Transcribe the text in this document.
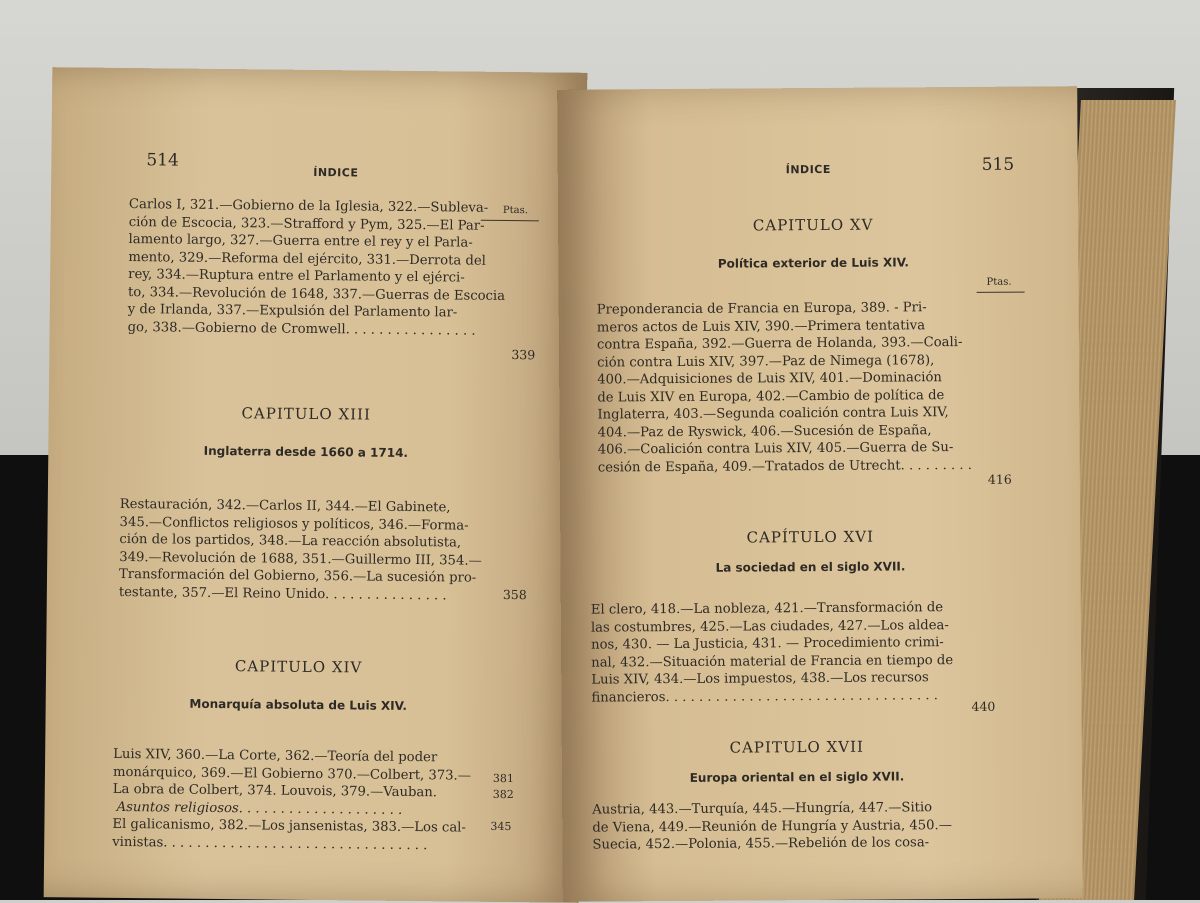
514
ÍNDICE
Ptas.
Carlos I, 321.—Gobierno de la Iglesia, 322.—Subleva-
ción de Escocia, 323.—Strafford y Pym, 325.—El Par-
lamento largo, 327.—Guerra entre el rey y el Parla-
mento, 329.—Reforma del ejército, 331.—Derrota del
rey, 334.—Ruptura entre el Parlamento y el ejérci-
to, 334.—Revolución de 1648, 337.—Guerras de Escocia
y de Irlanda, 337.—Expulsión del Parlamento lar-
go, 338.—Gobierno de Cromwell. . . . . . . . . . . . . . . .
339
CAPITULO XIII
Inglaterra desde 1660 a 1714.
Restauración, 342.—Carlos II, 344.—El Gabinete,
345.—Conflictos religiosos y políticos, 346.—Forma-
ción de los partidos, 348.—La reacción absolutista,
349.—Revolución de 1688, 351.—Guillermo III, 354.—
Transformación del Gobierno, 356.—La sucesión pro-
testante, 357.—El Reino Unido. . . . . . . . . . . . . . .	358
CAPITULO XIV
Monarquía absoluta de Luis XIV.
Luis XIV, 360.—La Corte, 362.—Teoría del poder
monárquico, 369.—El Gobierno 370.—Colbert, 373.—
La obra de Colbert, 374. Louvois, 379.—Vauban.
Asuntos religiosos. . . . . . . . . . . . . . . . . . . .
El galicanismo, 382.—Los jansenistas, 383.—Los cal-
vinistas. . . . . . . . . . . . . . . . . . . . . . . . . . . . . . . .
381
382
345
ÍNDICE	515
CAPITULO XV
Política exterior de Luis XIV.
Ptas.
Preponderancia de Francia en Europa, 389. - Pri-
meros actos de Luis XIV, 390.—Primera tentativa
contra España, 392.—Guerra de Holanda, 393.—Coali-
ción contra Luis XIV, 397.—Paz de Nimega (1678),
400.—Adquisiciones de Luis XIV, 401.—Dominación
de Luis XIV en Europa, 402.—Cambio de política de
Inglaterra, 403.—Segunda coalición contra Luis XIV,
404.—Paz de Ryswick, 406.—Sucesión de España,
406.—Coalición contra Luis XIV, 405.—Guerra de Su-
cesión de España, 409.—Tratados de Utrecht. . . . . . . . .
416
CAPÍTULO XVI
La sociedad en el siglo XVII.
El clero, 418.—La nobleza, 421.—Transformación de
las costumbres, 425.—Las ciudades, 427.—Los aldea-
nos, 430. — La Justicia, 431. — Procedimiento crimi-
nal, 432.—Situación material de Francia en tiempo de
Luis XIV, 434.—Los impuestos, 438.—Los recursos
financieros. . . . . . . . . . . . . . . . . . . . . . . . . . . . . . . . .
440
CAPITULO XVII
Europa oriental en el siglo XVII.
Austria, 443.—Turquía, 445.—Hungría, 447.—Sitio
de Viena, 449.—Reunión de Hungría y Austria, 450.—
Suecia, 452.—Polonia, 455.—Rebelión de los cosa-
